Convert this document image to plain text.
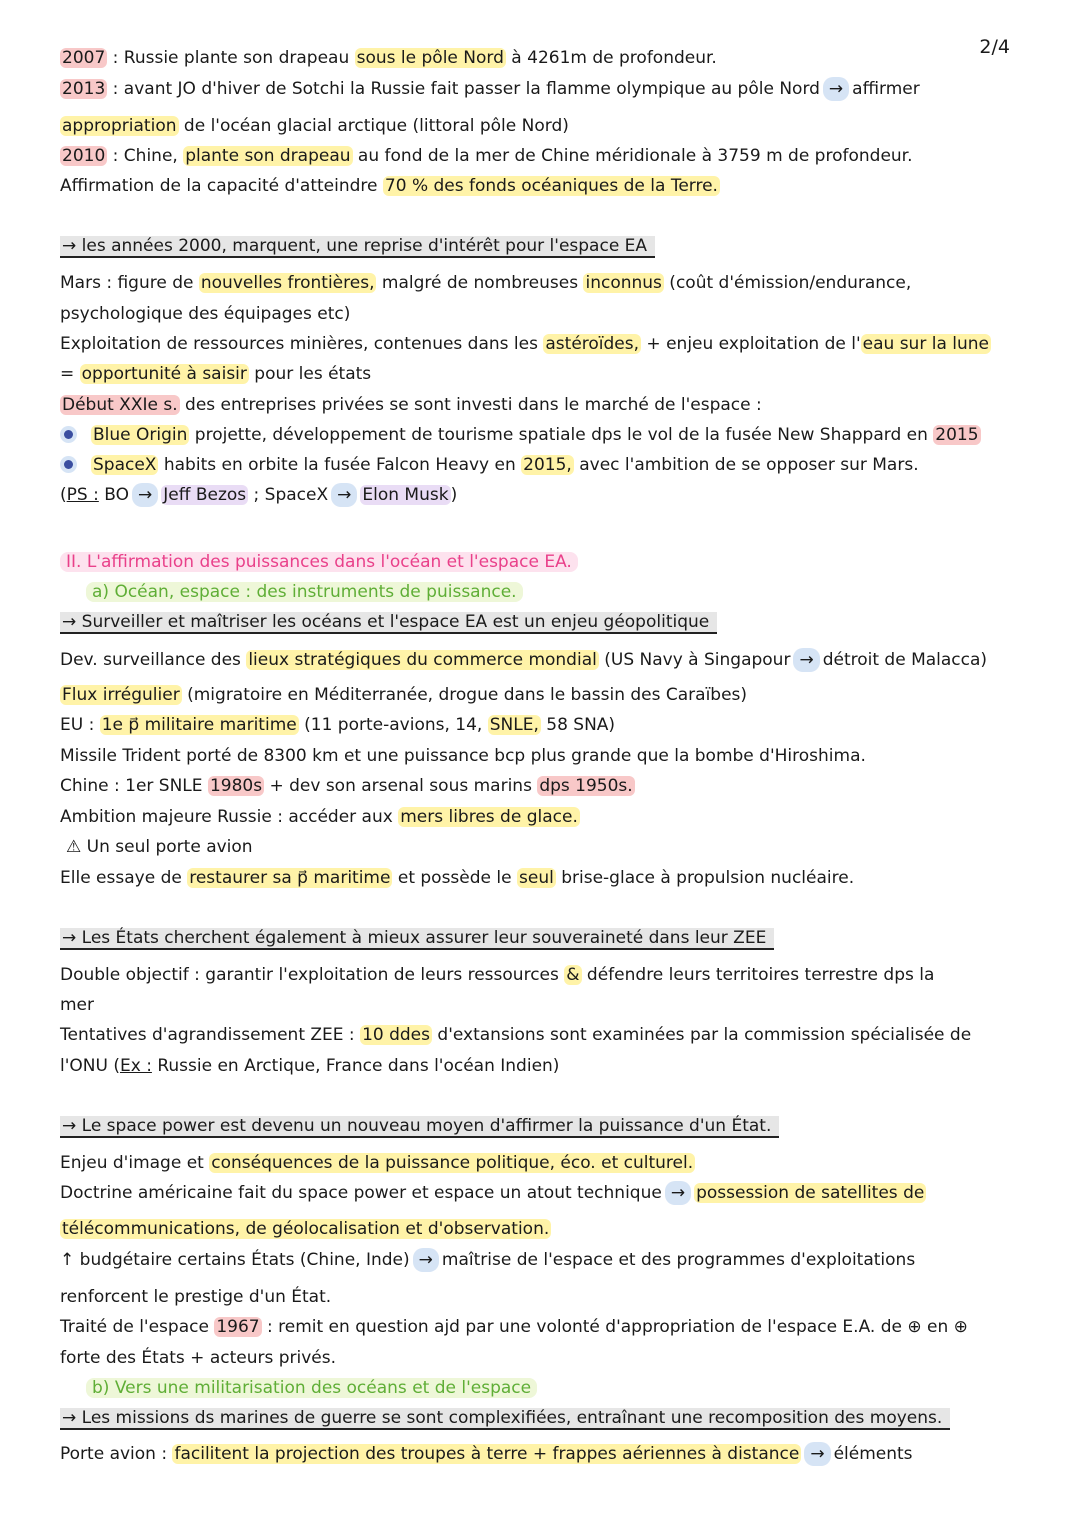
2/4
2007 : Russie plante son drapeau sous le pôle Nord à 4261m de profondeur.
2013 : avant JO d'hiver de Sotchi la Russie fait passer la flamme olympique au pôle Nord → affirmer
appropriation de l'océan glacial arctique (littoral pôle Nord)
2010 : Chine, plante son drapeau au fond de la mer de Chine méridionale à 3759 m de profondeur.
Affirmation de la capacité d'atteindre 70 % des fonds océaniques de la Terre.
→ les années 2000, marquent, une reprise d'intérêt pour l'espace EA
Mars : figure de nouvelles frontières, malgré de nombreuses inconnus (coût d'émission/endurance,
psychologique des équipages etc)
Exploitation de ressources minières, contenues dans les astéroïdes, + enjeu exploitation de l' eau sur la lune
= opportunité à saisir pour les états
Début XXIe s. des entreprises privées se sont investi dans le marché de l'espace :
Blue Origin projette, développement de tourisme spatiale dps le vol de la fusée New Shappard en 2015
SpaceX habits en orbite la fusée Falcon Heavy en 2015, avec l'ambition de se opposer sur Mars.
(PS : BO → Jeff Bezos ; SpaceX → Elon Musk )
II. L'affirmation des puissances dans l'océan et l'espace EA.
a) Océan, espace : des instruments de puissance.
→ Surveiller et maîtriser les océans et l'espace EA est un enjeu géopolitique
Dev. surveillance des lieux stratégiques du commerce mondial (US Navy à Singapour → détroit de Malacca)
Flux irrégulier (migratoire en Méditerranée, drogue dans le bassin des Caraïbes)
EU : 1e p⃗ militaire maritime (11 porte-avions, 14, SNLE, 58 SNA)
Missile Trident porté de 8300 km et une puissance bcp plus grande que la bombe d'Hiroshima.
Chine : 1er SNLE 1980s + dev son arsenal sous marins dps 1950s.
Ambition majeure Russie : accéder aux mers libres de glace.
⚠ Un seul porte avion
Elle essaye de restaurer sa p⃗ maritime et possède le seul brise-glace à propulsion nucléaire.
→ Les États cherchent également à mieux assurer leur souveraineté dans leur ZEE
Double objectif : garantir l'exploitation de leurs ressources & défendre leurs territoires terrestre dps la
mer
Tentatives d'agrandissement ZEE : 10 ddes d'extansions sont examinées par la commission spécialisée de
l'ONU (Ex : Russie en Arctique, France dans l'océan Indien)
→ Le space power est devenu un nouveau moyen d'affirmer la puissance d'un État.
Enjeu d'image et conséquences de la puissance politique, éco. et culturel.
Doctrine américaine fait du space power et espace un atout technique → possession de satellites de
télécommunications, de géolocalisation et d'observation.
↑ budgétaire certains États (Chine, Inde) → maîtrise de l'espace et des programmes d'exploitations
renforcent le prestige d'un État.
Traité de l'espace 1967 : remit en question ajd par une volonté d'appropriation de l'espace E.A. de ⊕ en ⊕
forte des États + acteurs privés.
b) Vers une militarisation des océans et de l'espace
→ Les missions ds marines de guerre se sont complexifiées, entraînant une recomposition des moyens.
Porte avion : facilitent la projection des troupes à terre + frappes aériennes à distance → éléments
